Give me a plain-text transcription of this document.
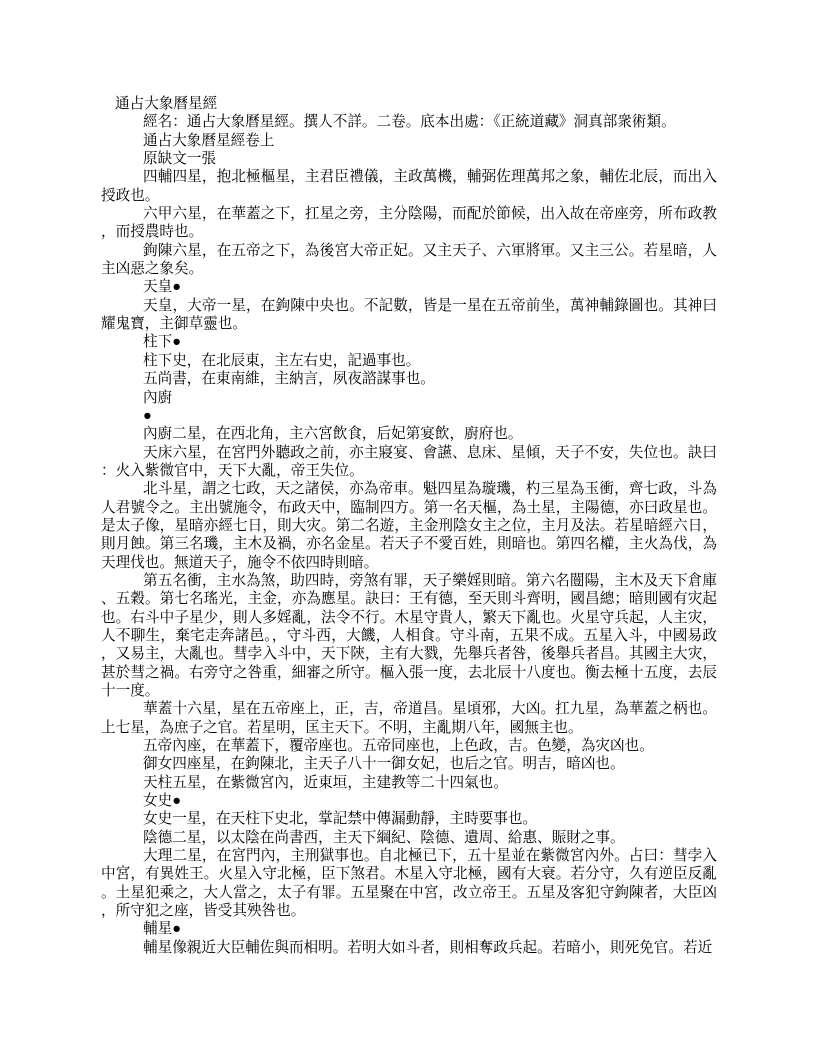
通占大象曆星經

經名：通占大象曆星經。撰人不詳。二卷。底本出處：《正統道藏》洞真部衆術類。

通占大象曆星經卷上

原缺文一張

四輔四星，抱北極樞星，主君臣禮儀，主政萬機，輔弼佐理萬邦之象，輔佐北辰，而出入授政也。

六甲六星，在華蓋之下，扛星之旁，主分陰陽，而配於節候，出入故在帝座旁，所布政教，而授農時也。

鉤陳六星，在五帝之下，為後宮大帝正妃。又主天子、六軍將軍。又主三公。若星暗，人主凶惡之象矣。

天皇●

天皇，大帝一星，在鉤陳中央也。不記數，皆是一星在五帝前坐，萬神輔錄圖也。其神曰耀鬼寶，主御草靈也。

柱下●

柱下史，在北辰東，主左右史，記過事也。

五尚書，在東南維，主納言，夙夜諮謀事也。

內廚

●

內廚二星，在西北角，主六宮飲食，后妃第宴飲，廚府也。

天床六星，在宮門外聽政之前，亦主寢宴、會讌、息床、星傾，天子不安，失位也。訣曰：火入紫微官中，天下大亂，帝王失位。

北斗星，謂之七政，天之諸侯，亦為帝車。魁四星為璇璣，杓三星為玉衝，齊七政，斗為人君號令之。主出號施令，布政天中，臨制四方。第一名天樞，為土星，主陽德，亦曰政星也。是太子像，星暗亦經七日，則大灾。第二名遊，主金刑陰女主之位，主月及法。若星暗經六日，則月蝕。第三名璣，主木及禍，亦名金星。若天子不愛百姓，則暗也。第四名權，主火為伐，為天理伐也。無道天子，施令不依四時則暗。

第五名衝，主水為煞，助四時，旁煞有罪，天子樂婬則暗。第六名闓陽，主木及天下倉庫、五穀。第七名瑤光，主金，亦為應星。訣曰：王有德，至天則斗齊明，國昌總；暗則國有灾起也。右斗中子星少，則人多婬亂，法令不行。木星守貴人，繁天下亂也。火星守兵起，人主灾，人不聊生，棄宅走奔諸邑。，守斗西，大饑，人相食。守斗南，五果不成。五星入斗，中國易政，又易主，大亂也。彗孛入斗中，天下陝，主有大戮，先舉兵者咎，後舉兵者昌。其國主大灾，甚於彗之禍。右旁守之咎重，細審之所守。樞入張一度，去北辰十八度也。衡去極十五度，去辰十一度。

華蓋十六星，星在五帝座上，正，吉，帝道昌。星頃邪，大凶。扛九星，為華蓋之柄也。上七星，為庶子之官。若星明，匡主天下。不明，主亂期八年，國無主也。

五帝內座，在華蓋下，覆帝座也。五帝同座也，上色政，吉。色變，為灾凶也。

御女四座星，在鉤陳北，主天子八十一御女妃，也后之官。明吉，暗凶也。

天柱五星，在紫微宮內，近東垣，主建教等二十四氣也。

女史●

女史一星，在天柱下史北，掌記禁中傳漏動靜，主時要事也。

陰德二星，以太陰在尚書西，主天下綱紀、陰德、遺周、給惠、賑財之事。

大理二星，在宮門內，主刑獄事也。自北極已下，五十星並在紫微宮內外。占曰：彗孛入中宮，有異姓王。火星入守北極，臣下煞君。木星入守北極，國有大衰。若分守，久有逆臣反亂。土星犯乘之，大人當之，太子有罪。五星聚在中宮，改立帝王。五星及客犯守鉤陳者，大臣凶，所守犯之座，皆受其殃咎也。

輔星●

輔星像親近大臣輔佐與而相明。若明大如斗者，則相奪政兵起。若暗小，則死免官。若近
